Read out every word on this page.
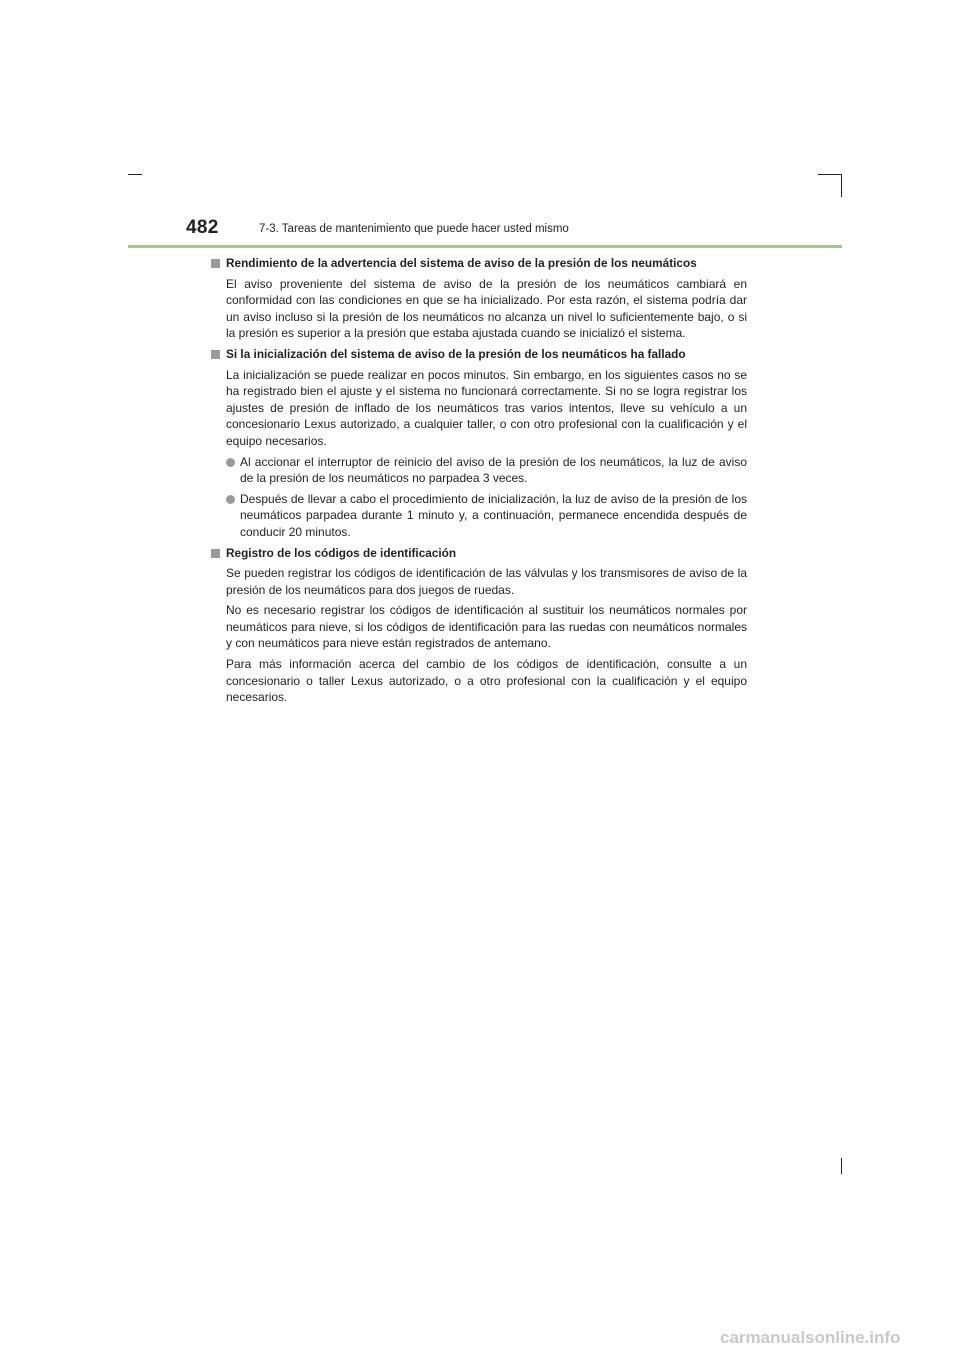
482	7-3. Tareas de mantenimiento que puede hacer usted mismo
Rendimiento de la advertencia del sistema de aviso de la presión de los neumáticos

El aviso proveniente del sistema de aviso de la presión de los neumáticos cambiará en conformidad con las condiciones en que se ha inicializado. Por esta razón, el sistema podría dar un aviso incluso si la presión de los neumáticos no alcanza un nivel lo suficientemente bajo, o si la presión es superior a la presión que estaba ajustada cuando se inicializó el sistema.

Si la inicialización del sistema de aviso de la presión de los neumáticos ha fallado

La inicialización se puede realizar en pocos minutos. Sin embargo, en los siguientes casos no se ha registrado bien el ajuste y el sistema no funcionará correctamente. Si no se logra registrar los ajustes de presión de inflado de los neumáticos tras varios intentos, lleve su vehículo a un concesionario Lexus autorizado, a cualquier taller, o con otro profesional con la cualificación y el equipo necesarios.

Al accionar el interruptor de reinicio del aviso de la presión de los neumáticos, la luz de aviso de la presión de los neumáticos no parpadea 3 veces.
Después de llevar a cabo el procedimiento de inicialización, la luz de aviso de la presión de los neumáticos parpadea durante 1 minuto y, a continuación, permanece encendida después de conducir 20 minutos.
Registro de los códigos de identificación

Se pueden registrar los códigos de identificación de las válvulas y los transmisores de aviso de la presión de los neumáticos para dos juegos de ruedas.

No es necesario registrar los códigos de identificación al sustituir los neumáticos normales por neumáticos para nieve, si los códigos de identificación para las ruedas con neumáticos normales y con neumáticos para nieve están registrados de antemano.

Para más información acerca del cambio de los códigos de identificación, consulte a un concesionario o taller Lexus autorizado, o a otro profesional con la cualificación y el equipo necesarios.

carmanualsonline.info
